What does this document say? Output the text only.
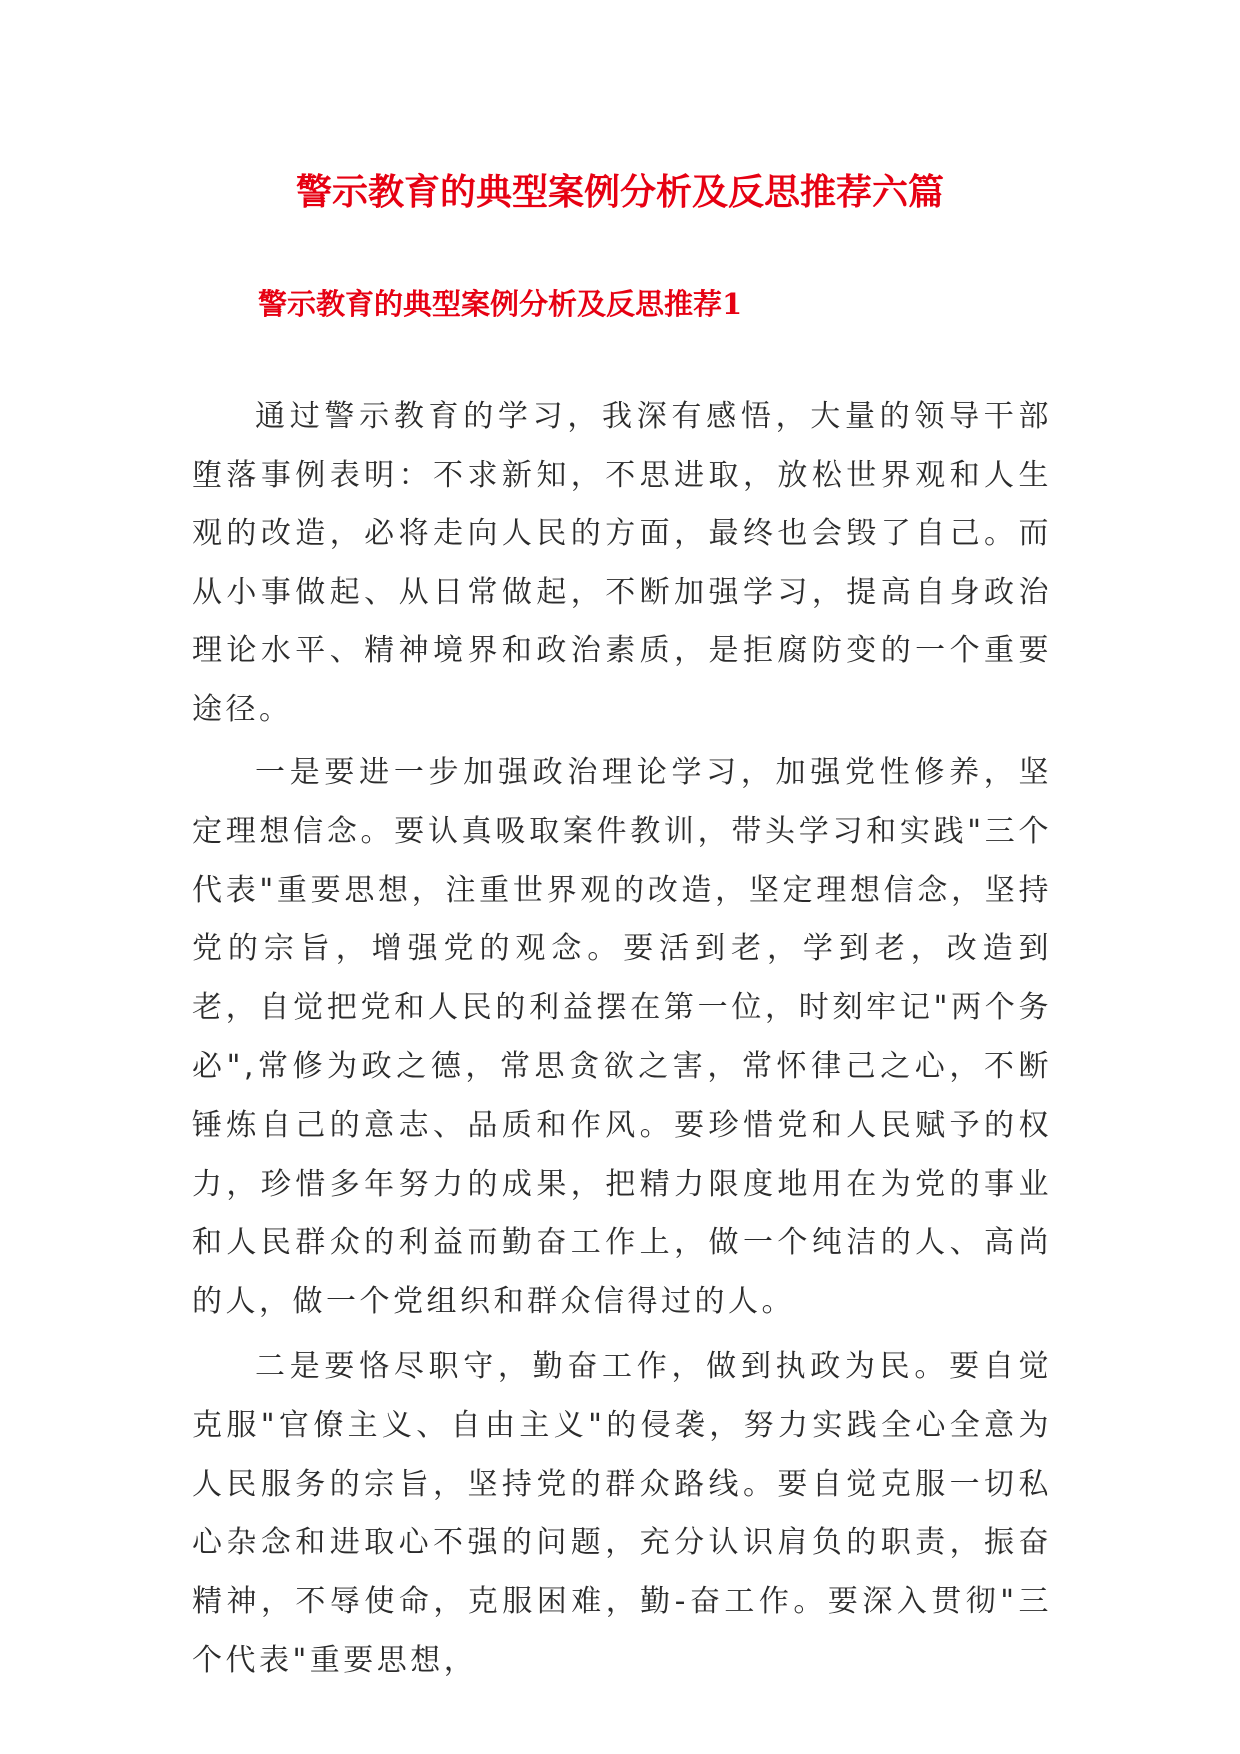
警示教育的典型案例分析及反思推荐六篇
警示教育的典型案例分析及反思推荐1

通过警示教育的学习，我深有感悟，大量的领导干部堕落事例表明：不求新知，不思进取，放松世界观和人生观的改造，必将走向人民的方面，最终也会毁了自己。而从小事做起、从日常做起，不断加强学习，提高自身政治理论水平、精神境界和政治素质，是拒腐防变的一个重要途径。

一是要进一步加强政治理论学习，加强党性修养，坚定理想信念。要认真吸取案件教训，带头学习和实践"三个代表"重要思想，注重世界观的改造，坚定理想信念，坚持党的宗旨，增强党的观念。要活到老，学到老，改造到老，自觉把党和人民的利益摆在第一位，时刻牢记"两个务必",常修为政之德，常思贪欲之害，常怀律己之心，不断锤炼自己的意志、品质和作风。要珍惜党和人民赋予的权力，珍惜多年努力的成果，把精力限度地用在为党的事业和人民群众的利益而勤奋工作上，做一个纯洁的人、高尚的人，做一个党组织和群众信得过的人。

二是要恪尽职守，勤奋工作，做到执政为民。要自觉克服"官僚主义、自由主义"的侵袭，努力实践全心全意为人民服务的宗旨，坚持党的群众路线。要自觉克服一切私心杂念和进取心不强的问题，充分认识肩负的职责，振奋精神，不辱使命，克服困难，勤-奋工作。要深入贯彻"三个代表"重要思想，
